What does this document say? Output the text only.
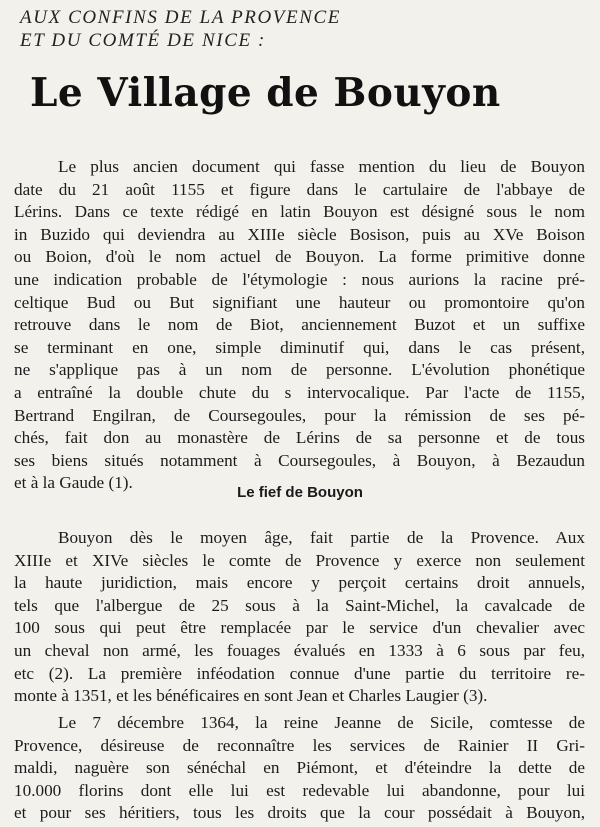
AUX CONFINS DE LA PROVENCE
ET DU COMTÉ DE NICE :
Le Village de Bouyon
Le plus ancien document qui fasse mention du lieu de Bouyon
date du 21 août 1155 et figure dans le cartulaire de l'abbaye de
Lérins. Dans ce texte rédigé en latin Bouyon est désigné sous le nom
in Buzido qui deviendra au XIIIe siècle Bosison, puis au XVe Boison
ou Boion, d'où le nom actuel de Bouyon. La forme primitive donne
une indication probable de l'étymologie : nous aurions la racine pré-
celtique Bud ou But signifiant une hauteur ou promontoire qu'on
retrouve dans le nom de Biot, anciennement Buzot et un suffixe
se terminant en one, simple diminutif qui, dans le cas présent,
ne s'applique pas à un nom de personne. L'évolution phonétique
a entraîné la double chute du s intervocalique. Par l'acte de 1155,
Bertrand Engilran, de Coursegoules, pour la rémission de ses pé-
chés, fait don au monastère de Lérins de sa personne et de tous
ses biens situés notamment à Coursegoules, à Bouyon, à Bezaudun
et à la Gaude (1).
Le fief de Bouyon
Bouyon dès le moyen âge, fait partie de la Provence. Aux
XIIIe et XIVe siècles le comte de Provence y exerce non seulement
la haute juridiction, mais encore y perçoit certains droit annuels,
tels que l'albergue de 25 sous à la Saint-Michel, la cavalcade de
100 sous qui peut être remplacée par le service d'un chevalier avec
un cheval non armé, les fouages évalués en 1333 à 6 sous par feu,
etc (2). La première inféodation connue d'une partie du territoire re-
monte à 1351, et les bénéficaires en sont Jean et Charles Laugier (3).
Le 7 décembre 1364, la reine Jeanne de Sicile, comtesse de
Provence, désireuse de reconnaître les services de Rainier II Gri-
maldi, naguère son sénéchal en Piémont, et d'éteindre la dette de
10.000 florins dont elle lui est redevable lui abandonne, pour lui
et pour ses héritiers, tous les droits que la cour possédait à Bouyon,
